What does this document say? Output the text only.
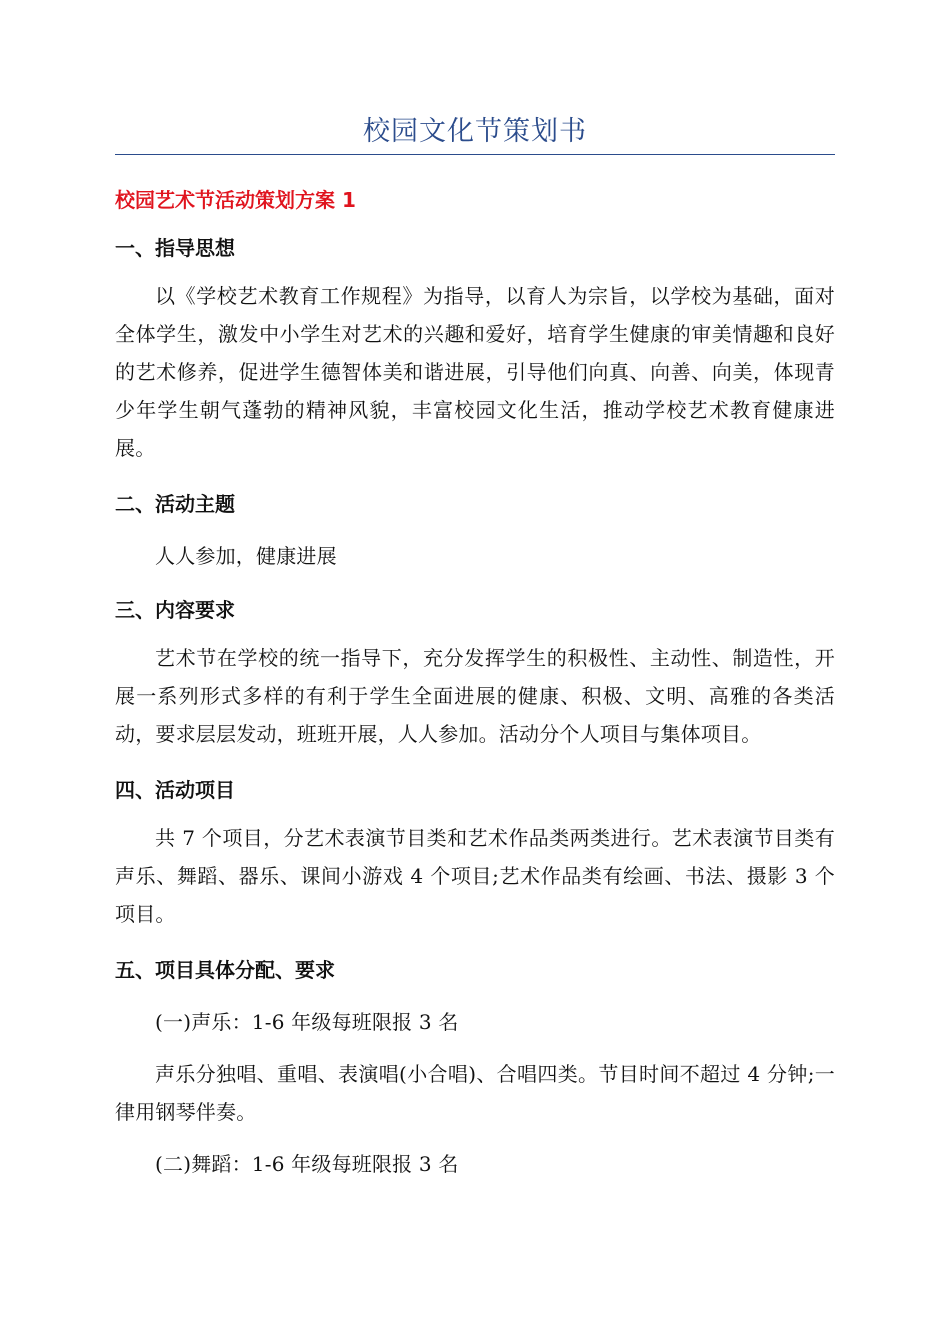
校园文化节策划书
校园艺术节活动策划方案 1
一、指导思想
以《学校艺术教育工作规程》为指导，以育人为宗旨，以学校为基础，面对全体学生，激发中小学生对艺术的兴趣和爱好，培育学生健康的审美情趣和良好的艺术修养，促进学生德智体美和谐进展，引导他们向真、向善、向美，体现青少年学生朝气蓬勃的精神风貌，丰富校园文化生活，推动学校艺术教育健康进展。
二、活动主题
人人参加，健康进展
三、内容要求
艺术节在学校的统一指导下，充分发挥学生的积极性、主动性、制造性，开展一系列形式多样的有利于学生全面进展的健康、积极、文明、高雅的各类活动，要求层层发动，班班开展，人人参加。活动分个人项目与集体项目。
四、活动项目
共 7 个项目，分艺术表演节目类和艺术作品类两类进行。艺术表演节目类有声乐、舞蹈、器乐、课间小游戏 4 个项目;艺术作品类有绘画、书法、摄影 3 个项目。
五、项目具体分配、要求
(一)声乐：1-6 年级每班限报 3 名
声乐分独唱、重唱、表演唱(小合唱)、合唱四类。节目时间不超过 4 分钟;一律用钢琴伴奏。
(二)舞蹈：1-6 年级每班限报 3 名
